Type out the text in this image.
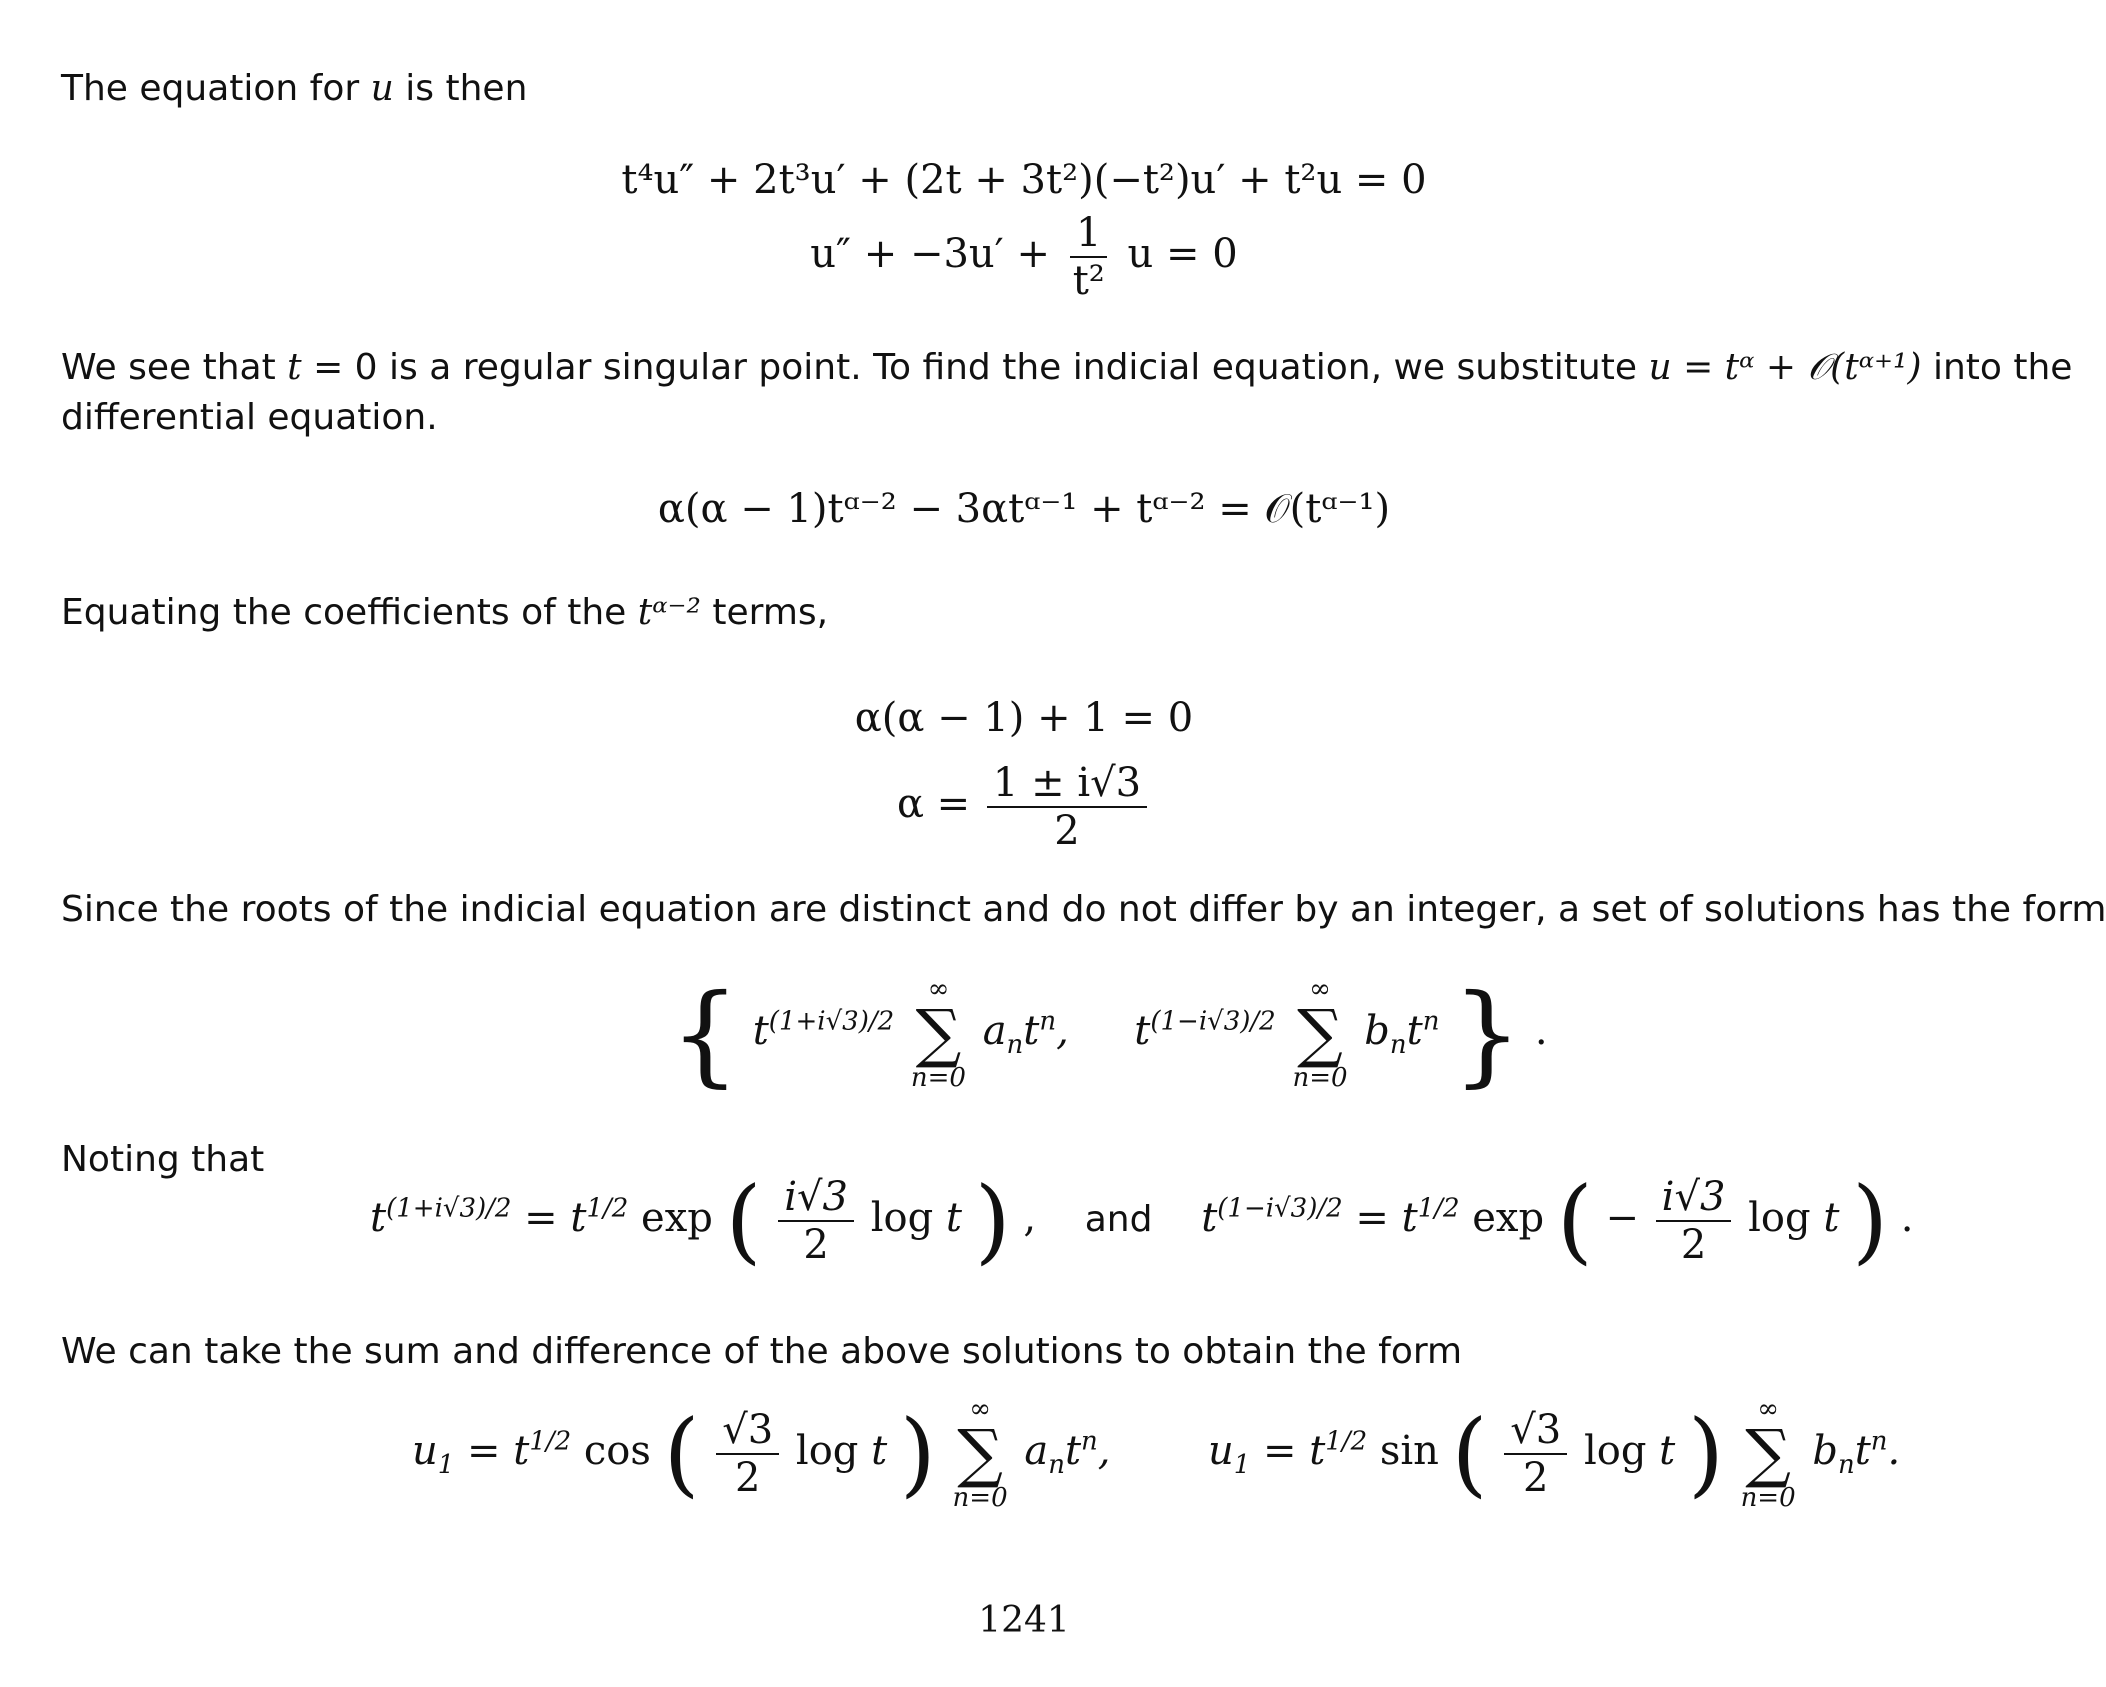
The equation for u is then
t⁴u″ + 2t³u′ + (2t + 3t²)(−t²)u′ + t²u = 0
$u'' + -3u' + \frac{1}{\text{t²}}$ u = 0
We see that t = 0 is a regular singular point. To find the indicial equation, we substitute u = tᵅ + 𝒪(tᵅ⁺¹) into the
differential equation.
α(α − 1)tᵅ⁻² − 3αtᵅ⁻¹ + tᵅ⁻² = 𝒪(tᵅ⁻¹)
Equating the coefficients of the tᵅ⁻² terms,
α(α − 1) + 1 = 0
$\alpha = \frac{1 \pm i√3}{2}$
Since the roots of the indicial equation are distinct and do not differ by an integer, a set of solutions has the form
{ $t^{(1+i√3)/2}$
∞
∑
n=0
$a_nt^n$, $t^{(1-i√3)/2}$
∞
∑
n=0
$b_nt^n$ } .
Noting that
$t^{(1+i√3)/2} = t^{1/2}$ exp ( $\frac{i√3}{2}$ log t ) , and $t^{(1-i√3)/2} = t^{1/2}$ exp ( − $\frac{i√3}{2}$ log t ) .
We can take the sum and difference of the above solutions to obtain the form
$u_1 = t^{1/2}$ cos ( $\frac{√3}{2}$ log t ) ∞
∑
n=0
$a_nt^n$, $u_1 = t^{1/2}$ sin ( $\frac{√3}{2}$ log t ) ∞
∑
n=0
$b_nt^n$.
1241
